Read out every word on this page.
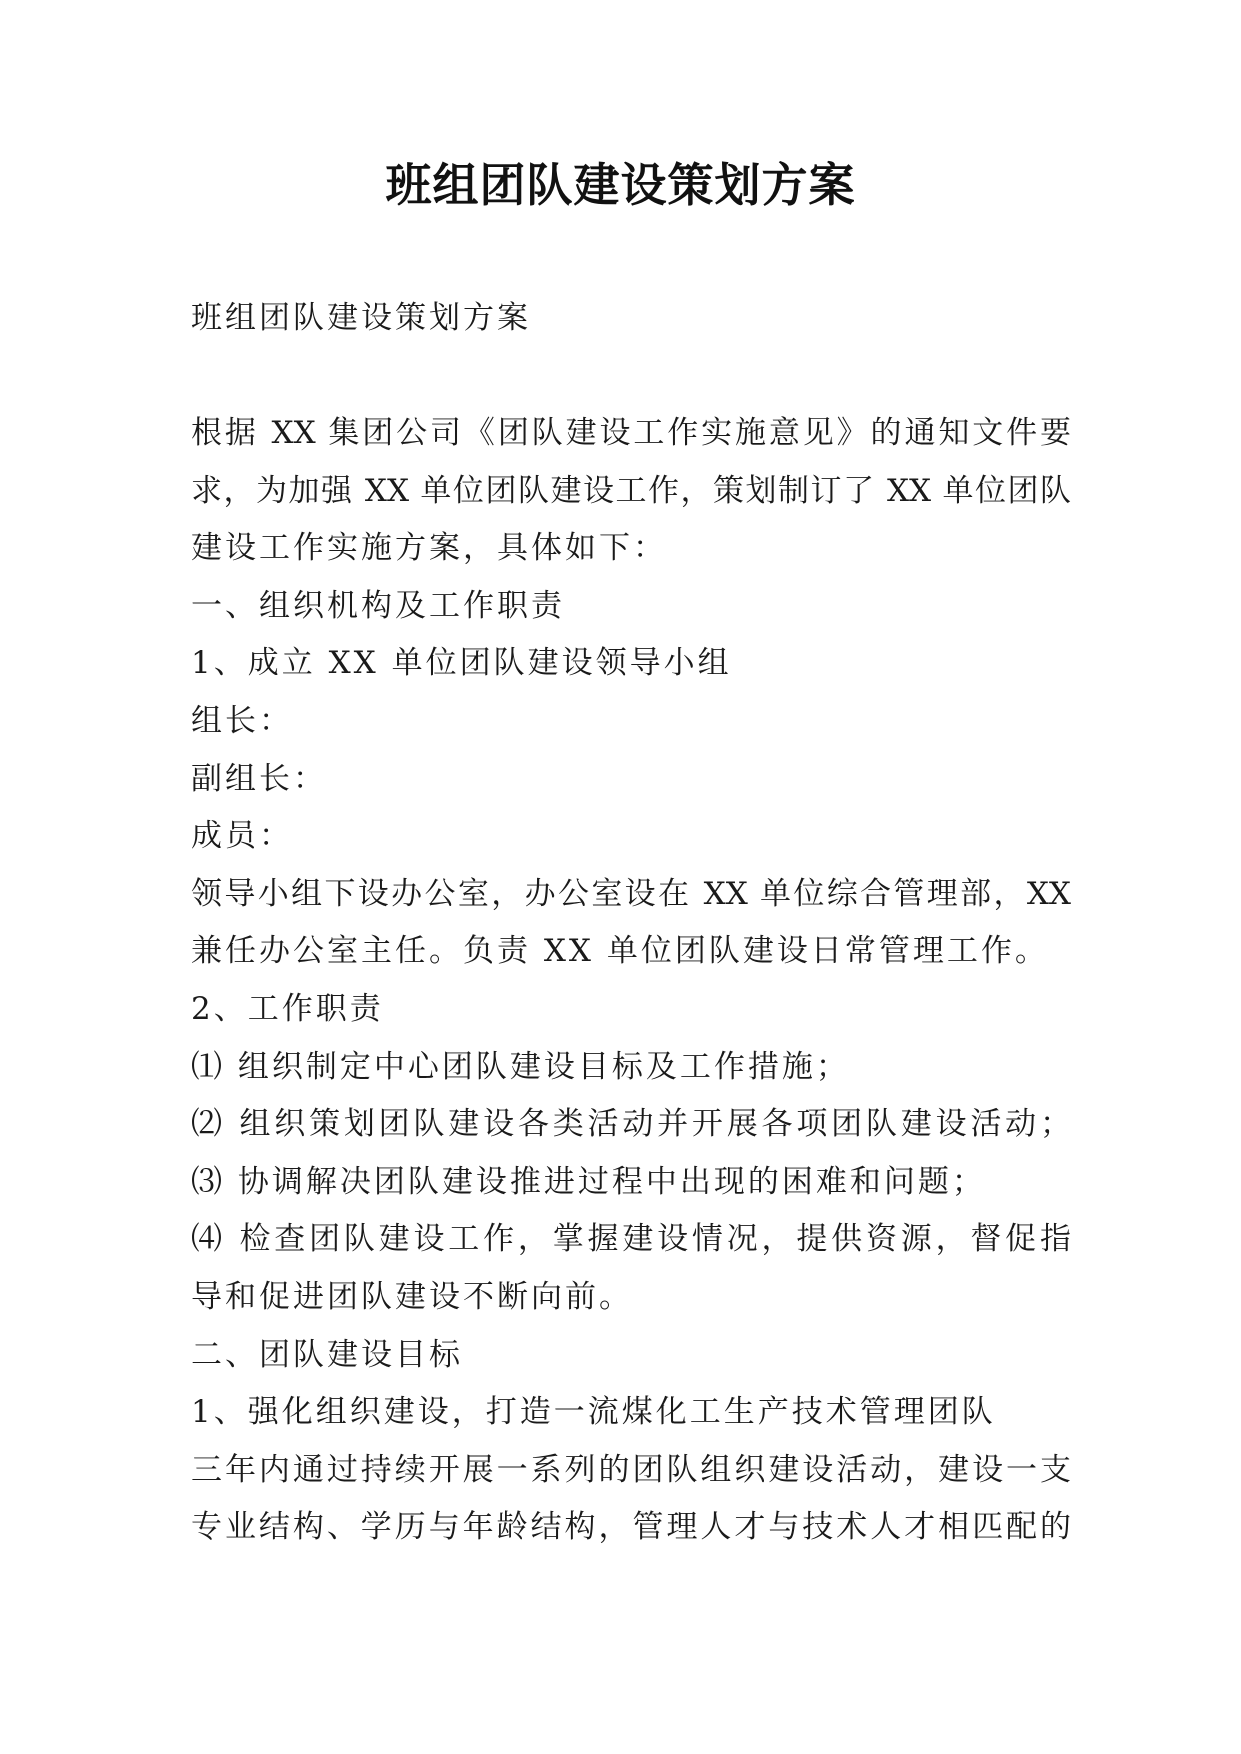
班组团队建设策划方案
班组团队建设策划方案
根据 XX 集团公司《团队建设工作实施意见》的通知文件要
求，为加强 XX 单位团队建设工作，策划制订了 XX 单位团队
建设工作实施方案，具体如下：
一、组织机构及工作职责
1、成立 XX 单位团队建设领导小组
组长：
副组长：
成员：
领导小组下设办公室，办公室设在 XX 单位综合管理部，XX
兼任办公室主任。负责 XX 单位团队建设日常管理工作。
2、工作职责
⑴ 组织制定中心团队建设目标及工作措施；
⑵ 组织策划团队建设各类活动并开展各项团队建设活动；
⑶ 协调解决团队建设推进过程中出现的困难和问题；
⑷ 检查团队建设工作，掌握建设情况，提供资源，督促指
导和促进团队建设不断向前。
二、团队建设目标
1、强化组织建设，打造一流煤化工生产技术管理团队
三年内通过持续开展一系列的团队组织建设活动，建设一支
专业结构、学历与年龄结构，管理人才与技术人才相匹配的
